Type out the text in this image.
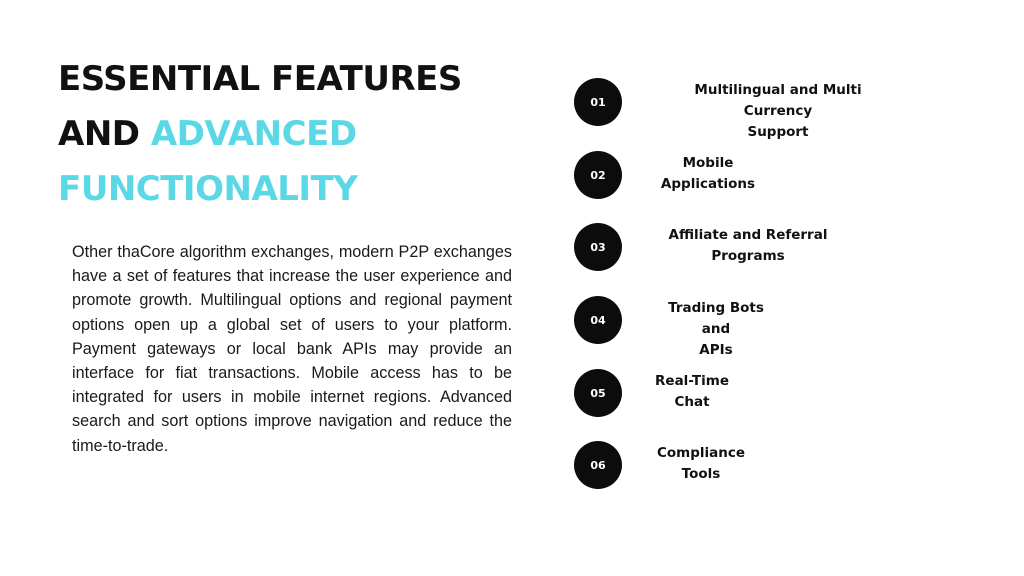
ESSENTIAL FEATURES
AND ADVANCED
FUNCTIONALITY

Other thaCore algorithm exchanges, modern P2P exchanges have a set of features that increase the user experience and promote growth. Multilingual options and regional payment options open up a global set of users to your platform. Payment gateways or local bank APIs may provide an interface for fiat transactions. Mobile access has to be integrated for users in mobile internet regions. Advanced search and sort options improve navigation and reduce the time-to-trade.

01
Multilingual and Multi Currency
Support
02
Mobile
Applications
03
Affiliate and Referral
Programs
04
Trading Bots and
APIs
05
Real-Time
Chat
06
Compliance
Tools
